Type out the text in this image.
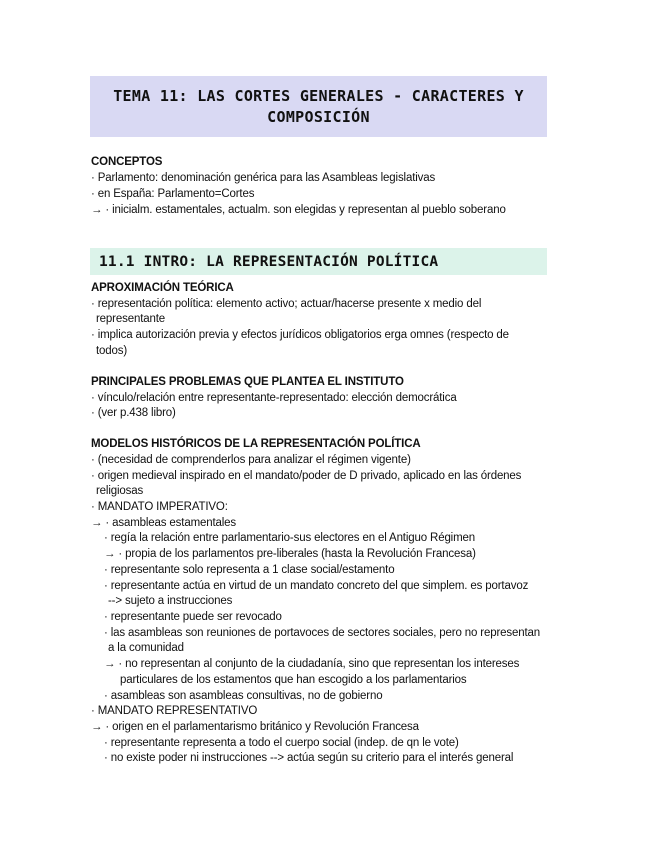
TEMA 11: LAS CORTES GENERALES - CARACTERES Y
COMPOSICIÓN
CONCEPTOS
· Parlamento: denominación genérica para las Asambleas legislativas
· en España: Parlamento=Cortes
→ · inicialm. estamentales, actualm. son elegidas y representan al pueblo soberano
11.1 INTRO: LA REPRESENTACIÓN POLÍTICA
APROXIMACIÓN TEÓRICA
· representación política: elemento activo; actuar/hacerse presente x medio del
representante
· implica autorización previa y efectos jurídicos obligatorios erga omnes (respecto de
todos)
PRINCIPALES PROBLEMAS QUE PLANTEA EL INSTITUTO
· vínculo/relación entre representante-representado: elección democrática
· (ver p.438 libro)
MODELOS HISTÓRICOS DE LA REPRESENTACIÓN POLÍTICA
· (necesidad de comprenderlos para analizar el régimen vigente)
· origen medieval inspirado en el mandato/poder de D privado, aplicado en las órdenes
religiosas
· MANDATO IMPERATIVO:
→ · asambleas estamentales
· regía la relación entre parlamentario-sus electores en el Antiguo Régimen
→ · propia de los parlamentos pre-liberales (hasta la Revolución Francesa)
· representante solo representa a 1 clase social/estamento
· representante actúa en virtud de un mandato concreto del que simplem. es portavoz
--> sujeto a instrucciones
· representante puede ser revocado
· las asambleas son reuniones de portavoces de sectores sociales, pero no representan
a la comunidad
→ · no representan al conjunto de la ciudadanía, sino que representan los intereses
particulares de los estamentos que han escogido a los parlamentarios
· asambleas son asambleas consultivas, no de gobierno
· MANDATO REPRESENTATIVO
→ · origen en el parlamentarismo británico y Revolución Francesa
· representante representa a todo el cuerpo social (indep. de qn le vote)
· no existe poder ni instrucciones --> actúa según su criterio para el interés general
